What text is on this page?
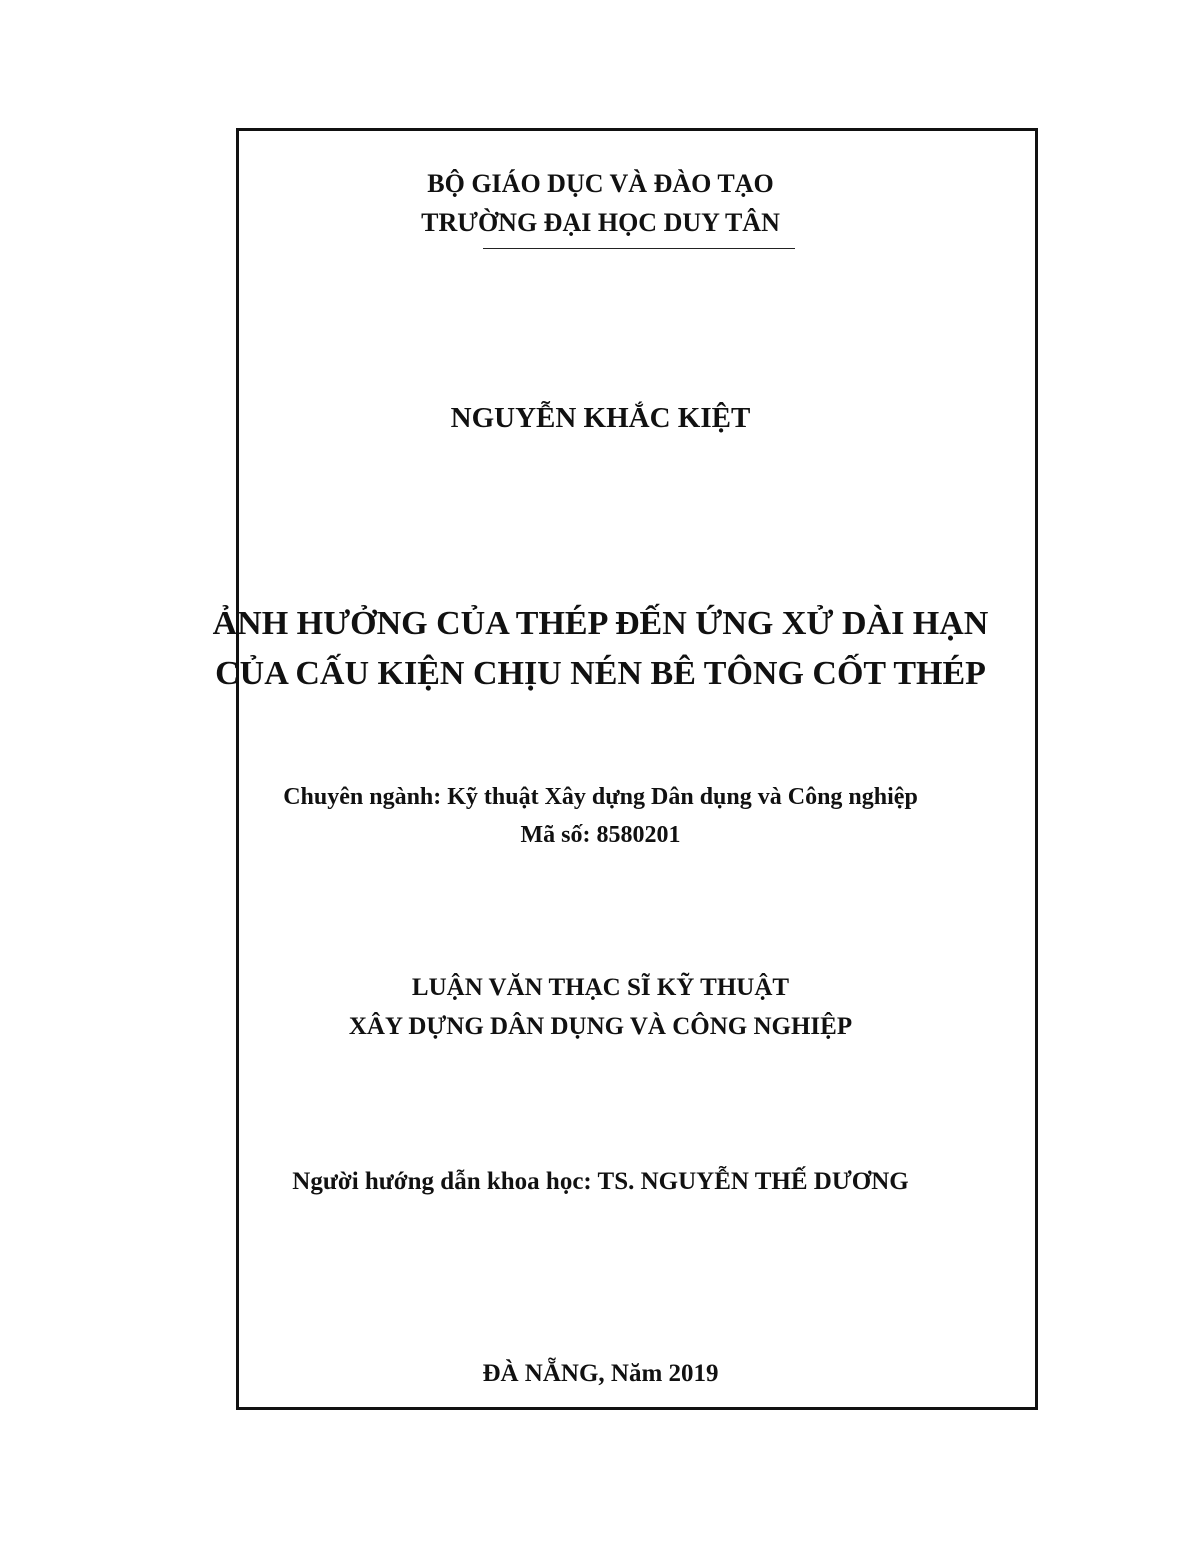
BỘ GIÁO DỤC VÀ ĐÀO TẠO
TRƯỜNG ĐẠI HỌC DUY TÂN
NGUYỄN KHẮC KIỆT
ẢNH HƯỞNG CỦA THÉP ĐẾN ỨNG XỬ DÀI HẠN
CỦA CẤU KIỆN CHỊU NÉN BÊ TÔNG CỐT THÉP
Chuyên ngành: Kỹ thuật Xây dựng Dân dụng và Công nghiệp
Mã số: 8580201
LUẬN VĂN THẠC SĨ KỸ THUẬT
XÂY DỰNG DÂN DỤNG VÀ CÔNG NGHIỆP
Người hướng dẫn khoa học: TS. NGUYỄN THẾ DƯƠNG
ĐÀ NẴNG, Năm 2019
